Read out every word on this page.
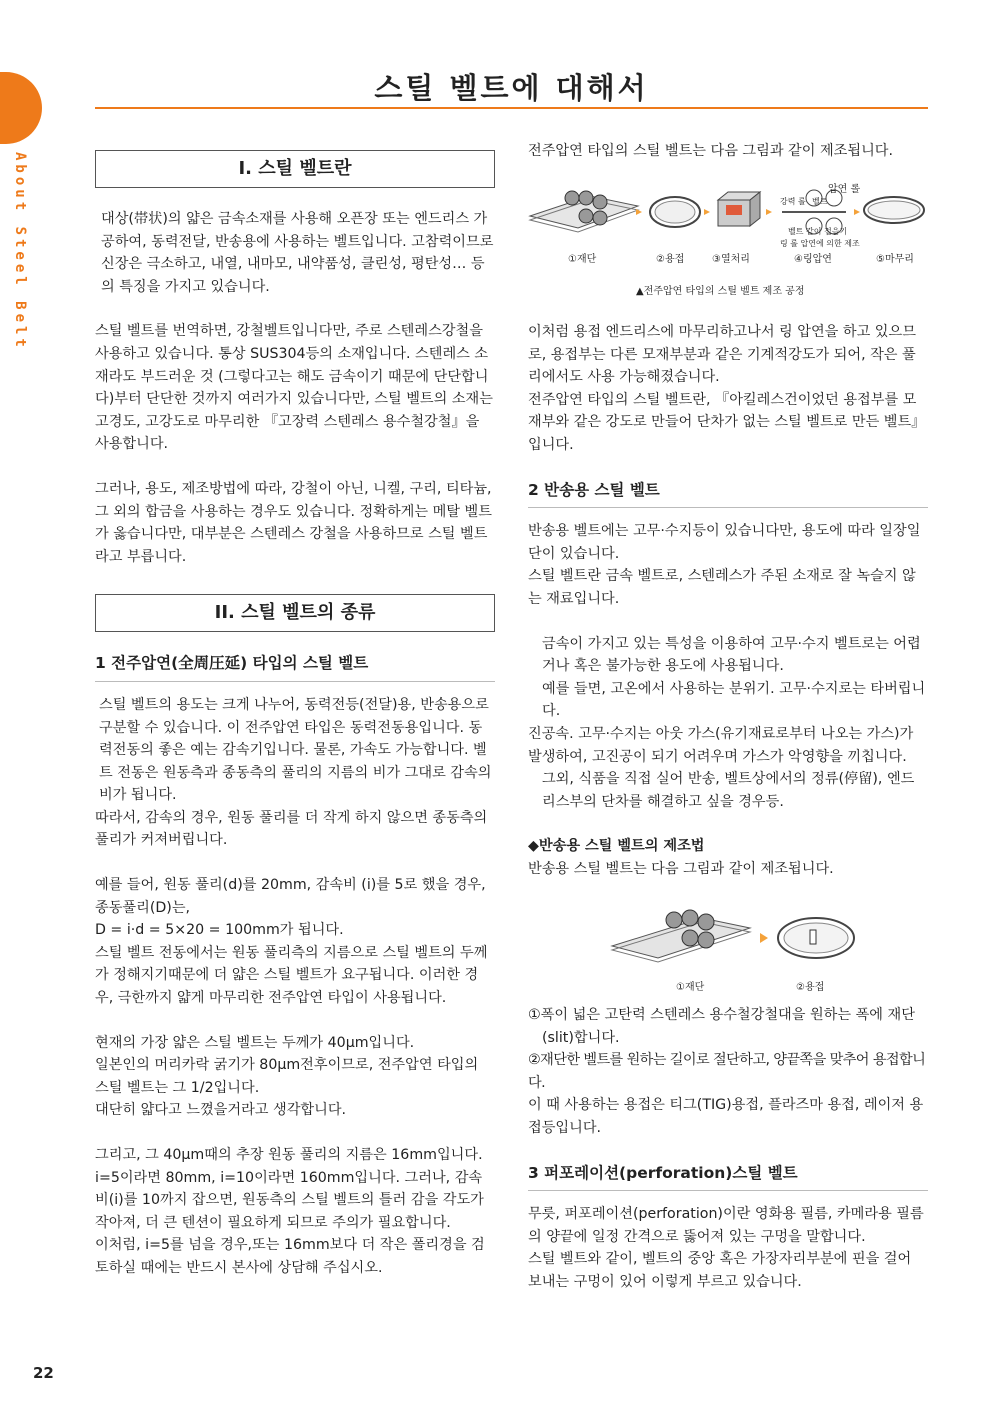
About Steel Belt
스틸 벨트에 대해서
I. 스틸 벨트란

대상(帯状)의 얇은 금속소재를 사용해 오픈장 또는 엔드리스 가공하여, 동력전달, 반송용에 사용하는 벨트입니다. 고참력이므로 신장은 극소하고, 내열, 내마모, 내약품성, 클린성, 평탄성… 등의 특징을 가지고 있습니다.

스틸 벨트를 번역하면, 강철벨트입니다만, 주로 스텐레스강철을 사용하고 있습니다. 통상 SUS304등의 소재입니다. 스텐레스 소재라도 부드러운 것 (그렇다고는 해도 금속이기 때문에 단단합니다)부터 단단한 것까지 여러가지 있습니다만, 스틸 벨트의 소재는 고경도, 고강도로 마무리한 『고장력 스텐레스 용수철강철』을 사용합니다.

그러나, 용도, 제조방법에 따라, 강철이 아닌, 니켈, 구리, 티타늄,그 외의 합금을 사용하는 경우도 있습니다. 정확하게는 메탈 벨트가 옳습니다만, 대부분은 스텐레스 강철을 사용하므로 스틸 벨트라고 부릅니다.

II. 스틸 벨트의 종류

1 전주압연(全周圧延) 타입의 스틸 벨트

스틸 벨트의 용도는 크게 나누어, 동력전등(전달)용, 반송용으로 구분할 수 있습니다. 이 전주압연 타입은 동력전동용입니다. 동력전동의 좋은 예는 감속기입니다. 물론, 가속도 가능합니다. 벨트 전동은 원동측과 종동측의 풀리의 지름의 비가 그대로 감속의 비가 됩니다.

따라서, 감속의 경우, 원동 풀리를 더 작게 하지 않으면 종동측의 풀리가 커져버립니다.

예를 들어, 원동 풀리(d)를 20mm, 감속비 (i)를 5로 했을 경우, 종동풀리(D)는,

D = i·d = 5×20 = 100mm가 됩니다.

스틸 벨트 전동에서는 원동 풀리측의 지름으로 스틸 벨트의 두께가 정해지기때문에 더 얇은 스틸 벨트가 요구됩니다. 이러한 경우, 극한까지 얇게 마무리한 전주압연 타입이 사용됩니다.

현재의 가장 얇은 스틸 벨트는 두께가 40μm입니다.

일본인의 머리카락 굵기가 80μm전후이므로, 전주압연 타입의 스틸 벨트는 그 1/2입니다.

대단히 얇다고 느꼈을거라고 생각합니다.

그리고, 그 40μm때의 추장 원동 풀리의 지름은 16mm입니다. i=5이라면 80mm, i=10이라면 160mm입니다. 그러나, 감속비(i)를 10까지 잡으면, 원동측의 스틸 벨트의 틀러 감을 각도가 작아져, 더 큰 텐션이 필요하게 되므로 주의가 필요합니다.

이처럼, i=5를 넘을 경우,또는 16mm보다 더 작은 폴리경을 검토하실 때에는 반드시 본사에 상담해 주십시오.

전주압연 타입의 스틸 벨트는 다음 그림과 같이 제조됩니다.

압연 롤
강력 롤 벨트
벨트 같이 접을기
링 롤 압연에 의한 제조
①재단	②용접	③열처리	④링압연	⑤마무리
▲전주압연 타입의 스틸 벨트 제조 공정

이처럼 용접 엔드리스에 마무리하고나서 링 압연을 하고 있으므로, 용접부는 다른 모재부분과 같은 기계적강도가 되어, 작은 풀리에서도 사용 가능해졌습니다.

전주압연 타입의 스틸 벨트란, 『아킬레스건이었던 용접부를 모재부와 같은 강도로 만들어 단차가 없는 스틸 벨트로 만든 벨트』입니다.

2 반송용 스틸 벨트

반송용 벨트에는 고무·수지등이 있습니다만, 용도에 따라 일장일단이 있습니다.

스틸 벨트란 금속 벨트로, 스텐레스가 주된 소재로 잘 녹슬지 않는 재료입니다.

금속이 가지고 있는 특성을 이용하여 고무·수지 벨트로는 어렵거나 혹은 불가능한 용도에 사용됩니다.

예를 들면, 고온에서 사용하는 분위기. 고무·수지로는 타버립니다.

진공속. 고무·수지는 아웃 가스(유기재료로부터 나오는 가스)가 발생하여, 고진공이 되기 어려우며 가스가 악영향을 끼칩니다.

그외, 식품을 직접 실어 반송, 벨트상에서의 정류(停留), 엔드리스부의 단차를 해결하고 싶을 경우등.

◆반송용 스틸 벨트의 제조법

반송용 스틸 벨트는 다음 그림과 같이 제조됩니다.

①재단	②용접

①폭이 넓은 고탄력 스텐레스 용수철강철대을 원하는 폭에 재단(slit)합니다.

②재단한 벨트를 원하는 길이로 절단하고, 양끝쪽을 맞추어 용접합니다.

이 때 사용하는 용접은 티그(TIG)용접, 플라즈마 용접, 레이저 용접등입니다.

3 퍼포레이션(perforation)스틸 벨트

무릇, 퍼포레이션(perforation)이란 영화용 필름, 카메라용 필름의 양끝에 일정 간격으로 뚫어져 있는 구멍을 말합니다.

스틸 벨트와 같이, 벨트의 중앙 혹은 가장자리부분에 핀을 걸어 보내는 구멍이 있어 이렇게 부르고 있습니다.

22
